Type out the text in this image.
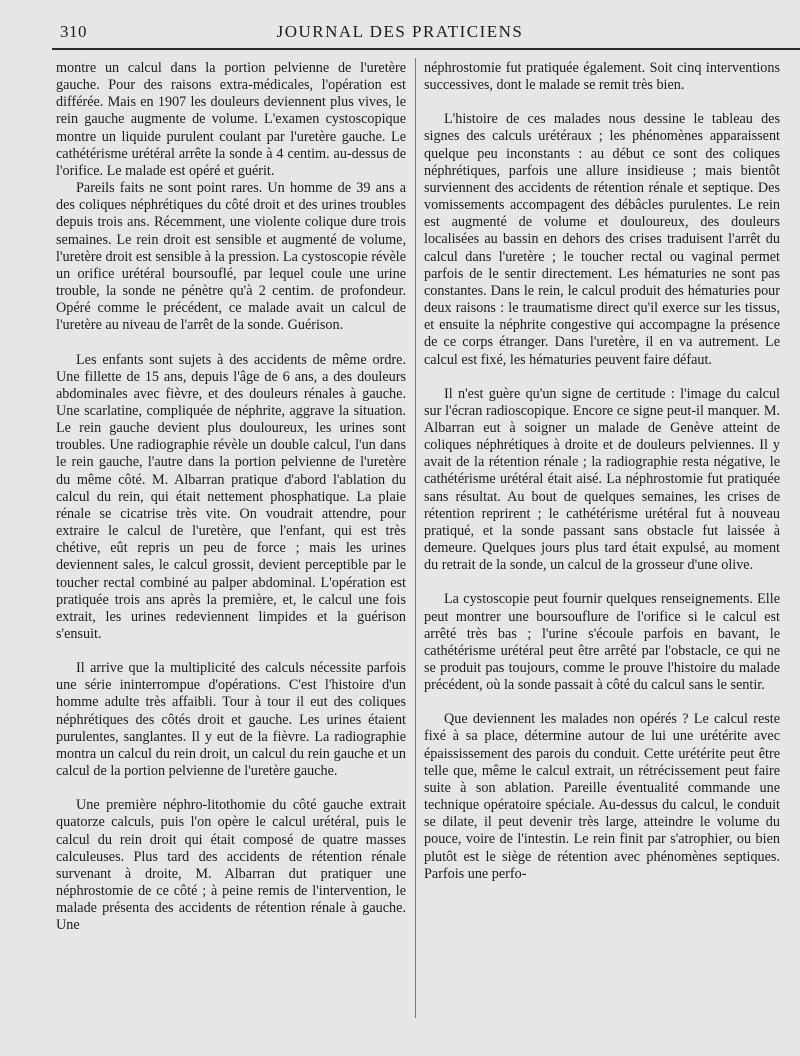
310	JOURNAL DES PRATICIENS

montre un calcul dans la portion pelvienne de l'uretère gauche. Pour des raisons extra-médicales, l'opération est différée. Mais en 1907 les douleurs deviennent plus vives, le rein gauche augmente de volume. L'examen cystoscopique montre un liquide purulent coulant par l'uretère gauche. Le cathétérisme urétéral arrête la sonde à 4 centim. au-dessus de l'orifice. Le malade est opéré et guérit.

Pareils faits ne sont point rares. Un homme de 39 ans a des coliques néphrétiques du côté droit et des urines troubles depuis trois ans. Récemment, une violente colique dure trois semaines. Le rein droit est sensible et augmenté de volume, l'uretère droit est sensible à la pression. La cystoscopie révèle un orifice urétéral boursouflé, par lequel coule une urine trouble, la sonde ne pénètre qu'à 2 centim. de profondeur. Opéré comme le précédent, ce malade avait un calcul de l'uretère au niveau de l'arrêt de la sonde. Guérison.

Les enfants sont sujets à des accidents de même ordre. Une fillette de 15 ans, depuis l'âge de 6 ans, a des douleurs abdominales avec fièvre, et des douleurs rénales à gauche. Une scarlatine, compliquée de néphrite, aggrave la situation. Le rein gauche devient plus douloureux, les urines sont troubles. Une radiographie révèle un double calcul, l'un dans le rein gauche, l'autre dans la portion pelvienne de l'uretère du même côté. M. Albarran pratique d'abord l'ablation du calcul du rein, qui était nettement phosphatique. La plaie rénale se cicatrise très vite. On voudrait attendre, pour extraire le calcul de l'uretère, que l'enfant, qui est très chétive, eût repris un peu de force ; mais les urines deviennent sales, le calcul grossit, devient perceptible par le toucher rectal combiné au palper abdominal. L'opération est pratiquée trois ans après la première, et, le calcul une fois extrait, les urines redeviennent limpides et la guérison s'ensuit.

Il arrive que la multiplicité des calculs nécessite parfois une série ininterrompue d'opérations. C'est l'histoire d'un homme adulte très affaibli. Tour à tour il eut des coliques néphrétiques des côtés droit et gauche. Les urines étaient purulentes, sanglantes. Il y eut de la fièvre. La radiographie montra un calcul du rein droit, un calcul du rein gauche et un calcul de la portion pelvienne de l'uretère gauche.

Une première néphro-litothomie du côté gauche extrait quatorze calculs, puis l'on opère le calcul urétéral, puis le calcul du rein droit qui était composé de quatre masses calculeuses. Plus tard des accidents de rétention rénale survenant à droite, M. Albarran dut pratiquer une néphrostomie de ce côté ; à peine remis de l'intervention, le malade présenta des accidents de rétention rénale à gauche. Une

néphrostomie fut pratiquée également. Soit cinq interventions successives, dont le malade se remit très bien.

L'histoire de ces malades nous dessine le tableau des signes des calculs urétéraux ; les phénomènes apparaissent quelque peu inconstants : au début ce sont des coliques néphrétiques, parfois une allure insidieuse ; mais bientôt surviennent des accidents de rétention rénale et septique. Des vomissements accompagent des débâcles purulentes. Le rein est augmenté de volume et douloureux, des douleurs localisées au bassin en dehors des crises traduisent l'arrêt du calcul dans l'uretère ; le toucher rectal ou vaginal permet parfois de le sentir directement. Les hématuries ne sont pas constantes. Dans le rein, le calcul produit des hématuries pour deux raisons : le traumatisme direct qu'il exerce sur les tissus, et ensuite la néphrite congestive qui accompagne la présence de ce corps étranger. Dans l'uretère, il en va autrement. Le calcul est fixé, les hématuries peuvent faire défaut.

Il n'est guère qu'un signe de certitude : l'image du calcul sur l'écran radioscopique. Encore ce signe peut-il manquer. M. Albarran eut à soigner un malade de Genève atteint de coliques néphrétiques à droite et de douleurs pelviennes. Il y avait de la rétention rénale ; la radiographie resta négative, le cathétérisme urétéral était aisé. La néphrostomie fut pratiquée sans résultat. Au bout de quelques semaines, les crises de rétention reprirent ; le cathétérisme urétéral fut à nouveau pratiqué, et la sonde passant sans obstacle fut laissée à demeure. Quelques jours plus tard était expulsé, au moment du retrait de la sonde, un calcul de la grosseur d'une olive.

La cystoscopie peut fournir quelques renseignements. Elle peut montrer une boursouflure de l'orifice si le calcul est arrêté très bas ; l'urine s'écoule parfois en bavant, le cathétérisme urétéral peut être arrêté par l'obstacle, ce qui ne se produit pas toujours, comme le prouve l'histoire du malade précédent, où la sonde passait à côté du calcul sans le sentir.

Que deviennent les malades non opérés ? Le calcul reste fixé à sa place, détermine autour de lui une urétérite avec épaississement des parois du conduit. Cette urétérite peut être telle que, même le calcul extrait, un rétrécissement peut faire suite à son ablation. Pareille éventualité commande une technique opératoire spéciale. Au-dessus du calcul, le conduit se dilate, il peut devenir très large, atteindre le volume du pouce, voire de l'intestin. Le rein finit par s'atrophier, ou bien plutôt est le siège de rétention avec phénomènes septiques. Parfois une perfo-
